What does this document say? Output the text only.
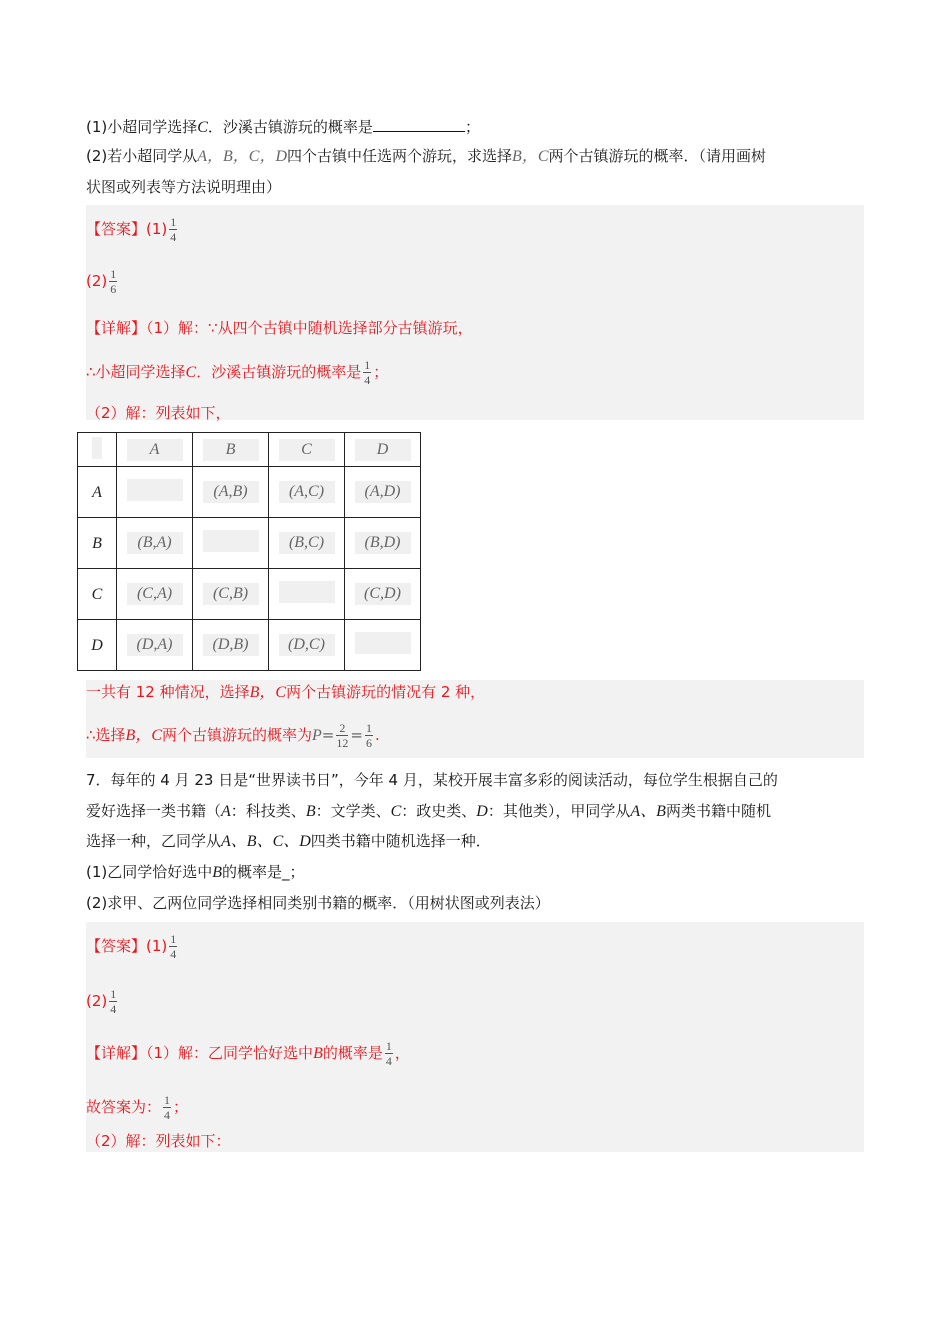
(1)小超同学选择C．沙溪古镇游玩的概率是	；
(2)若小超同学从A，B，C，D四个古镇中任选两个游玩，求选择B，C两个古镇游玩的概率．（请用画树
状图或列表等方法说明理由）
【答案】$(1) \frac{1}{4}$
$(2) \frac{1}{6}$
【详解】（1）解：∵从四个古镇中随机选择部分古镇游玩，
∴小超同学选择C．沙溪古镇游玩的概率是 $\frac{1}{4}$ ；
（2）解：列表如下，
	A	B	C	D
A		(A,B)	(A,C)	(A,D)
B	(B,A)		(B,C)	(B,D)
C	(C,A)	(C,B)		(C,D)
D	(D,A)	(D,B)	(D,C)	
一共有 12 种情况，选择B，C两个古镇游玩的情况有 2 种，
∴选择B，C两个古镇游玩的概率为$P= \frac{2}{12} = \frac{1}{6}$ .
7．每年的 4 月 23 日是“世界读书日”，今年 4 月，某校开展丰富多彩的阅读活动，每位学生根据自己的
爱好选择一类书籍（A：科技类、B：文学类、C：政史类、D：其他类），甲同学从A、B两类书籍中随机
选择一种，乙同学从A、B、C、D四类书籍中随机选择一种．
(1)乙同学恰好选中B的概率是_；
(2)求甲、乙两位同学选择相同类别书籍的概率．（用树状图或列表法）
【答案】$(1) \frac{1}{4}$
$(2) \frac{1}{4}$
【详解】（1）解：乙同学恰好选中B的概率是 $\frac{1}{4}$ ，
故答案为： $\frac{1}{4}$ ；
（2）解：列表如下：
